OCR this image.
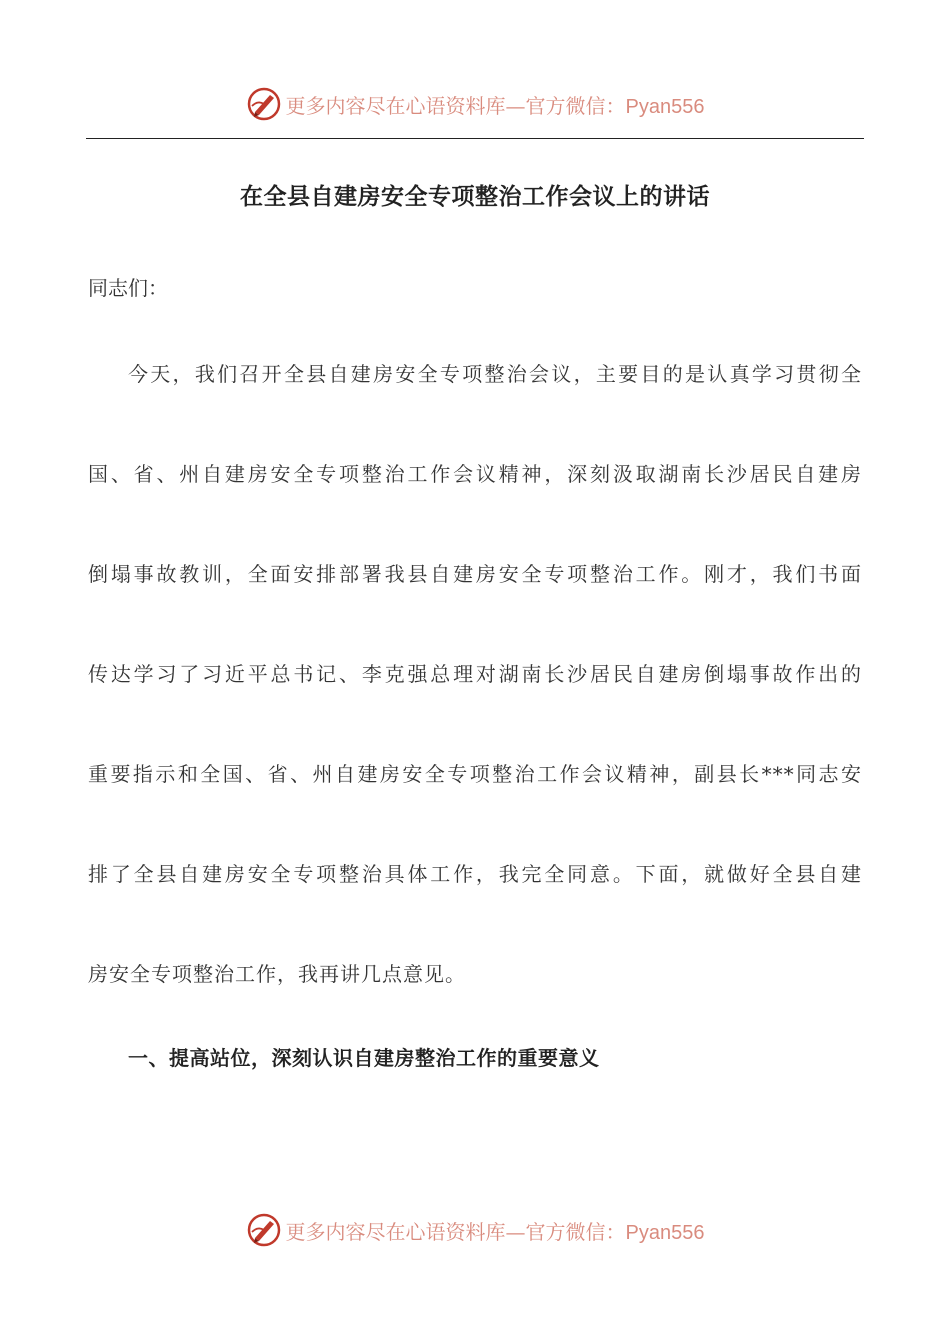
更多内容尽在心语资料库—官方微信：Pyan556
在全县自建房安全专项整治工作会议上的讲话
同志们：
今天，我们召开全县自建房安全专项整治会议，主要目的是认真学习贯彻全
国、省、州自建房安全专项整治工作会议精神，深刻汲取湖南长沙居民自建房
倒塌事故教训，全面安排部署我县自建房安全专项整治工作。刚才，我们书面
传达学习了习近平总书记、李克强总理对湖南长沙居民自建房倒塌事故作出的
重要指示和全国、省、州自建房安全专项整治工作会议精神，副县长***同志安
排了全县自建房安全专项整治具体工作，我完全同意。下面，就做好全县自建
房安全专项整治工作，我再讲几点意见。
一、提高站位，深刻认识自建房整治工作的重要意义
更多内容尽在心语资料库—官方微信：Pyan556
